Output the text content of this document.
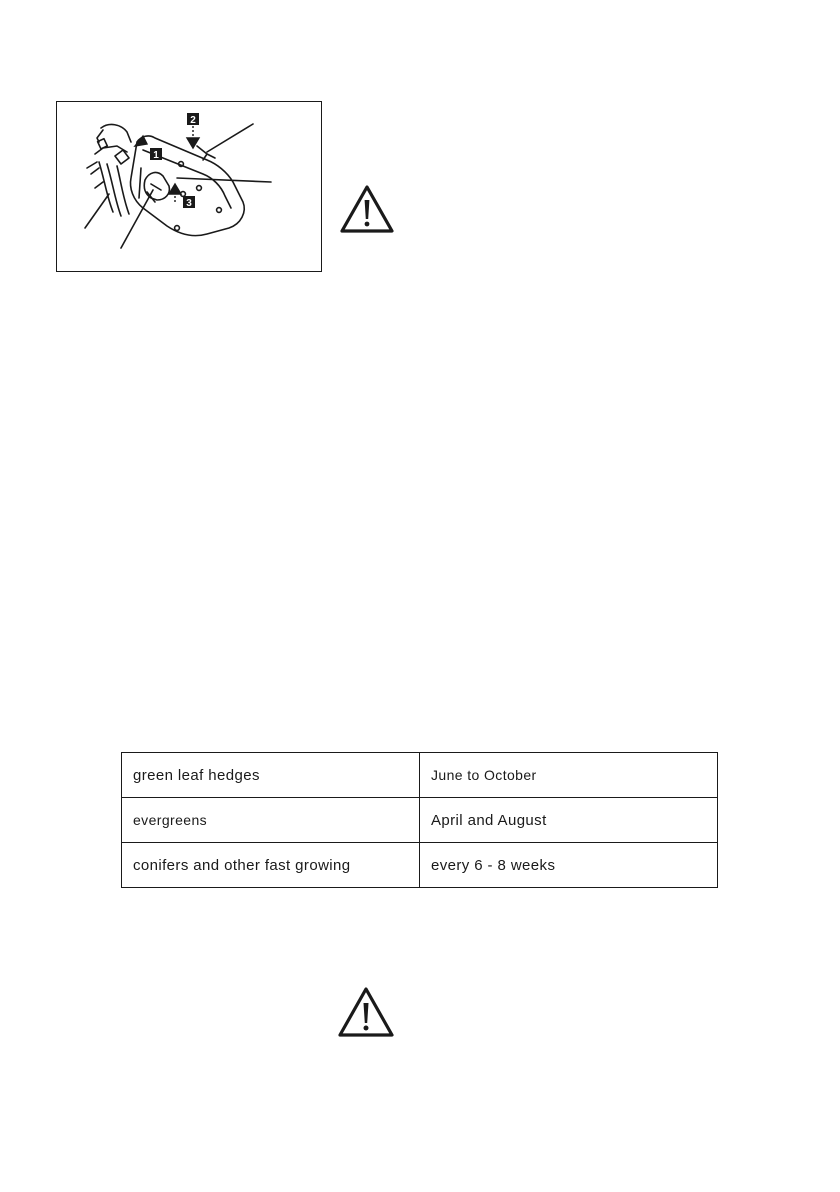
1
2
3
green leaf hedges	June to October
evergreens	April and August
conifers and other fast growing	every 6 - 8 weeks
